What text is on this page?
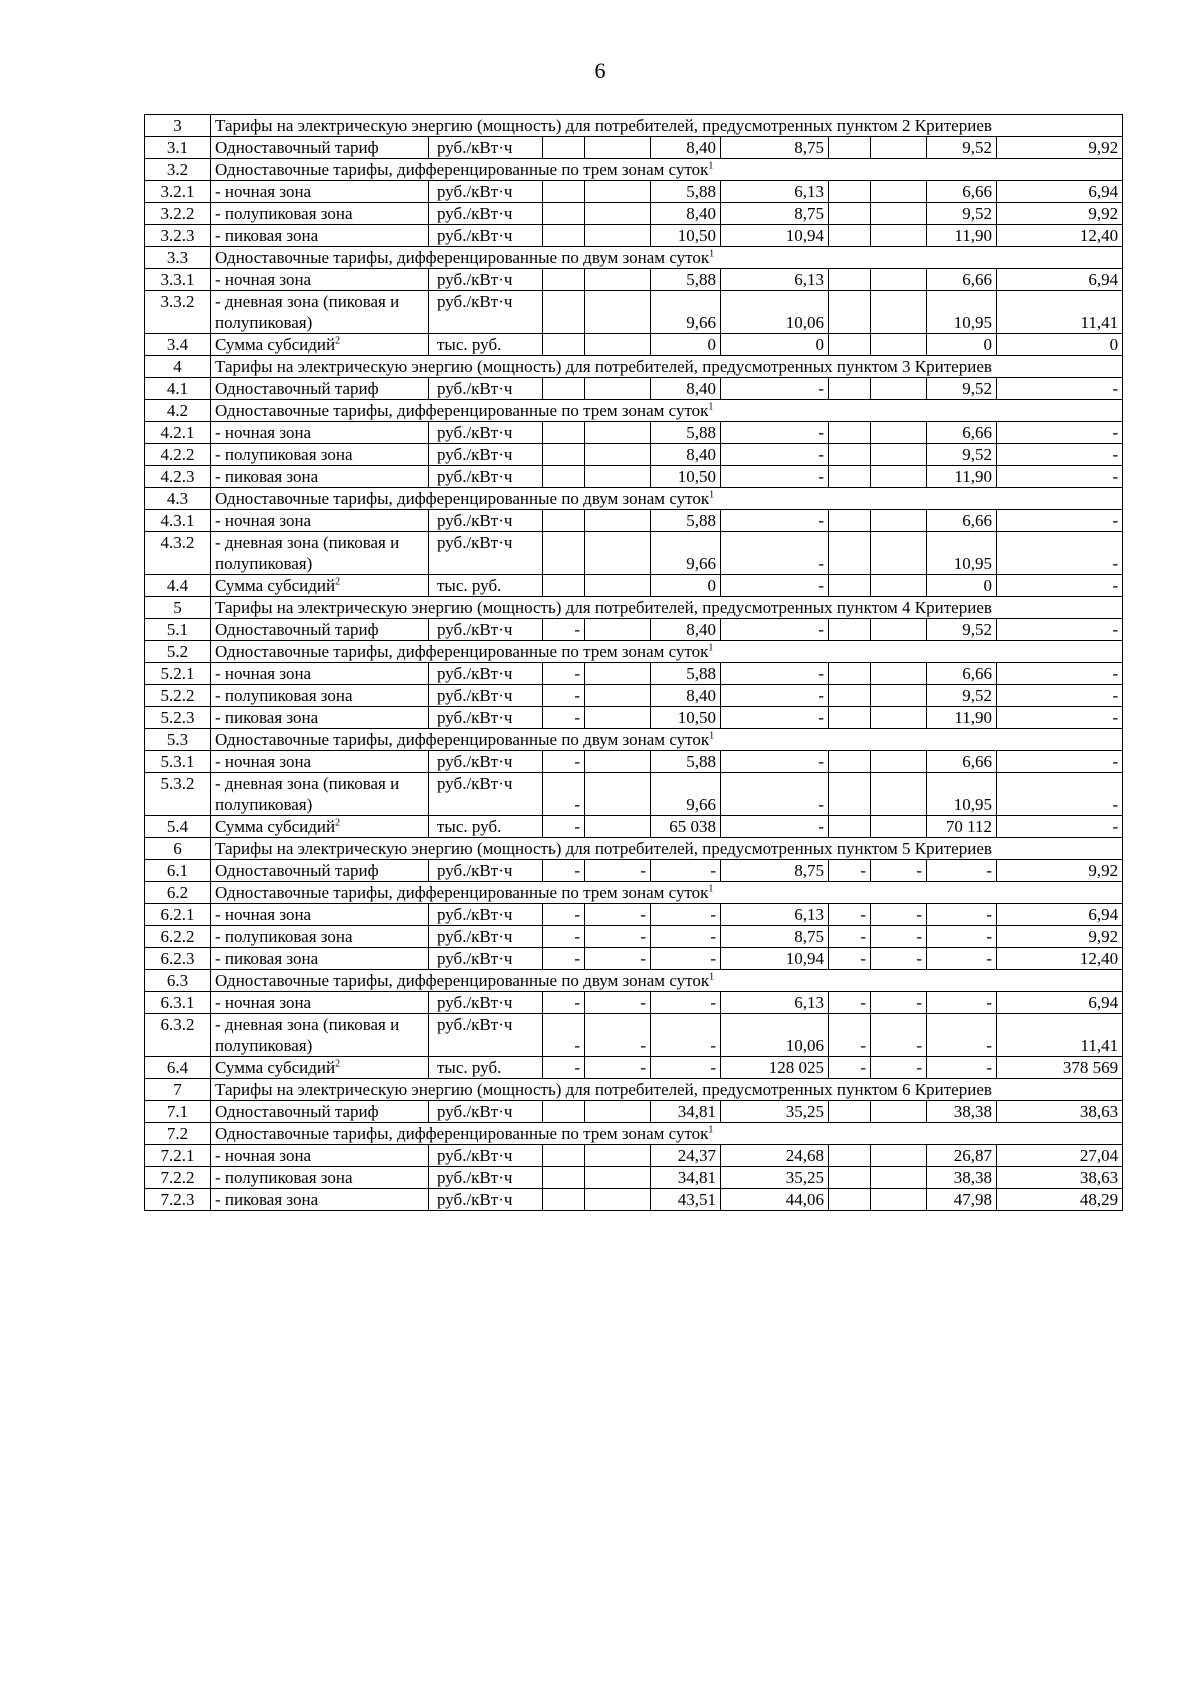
6
3	Тарифы на электрическую энергию (мощность) для потребителей, предусмотренных пунктом 2 Критериев									
3.1	Одноставочный тариф	руб./кВт·ч			8,40	8,75			9,52	9,92
3.2	Одноставочные тарифы, дифференцированные по трем зонам суток$^1$
3.2.1	- ночная зона	руб./кВт·ч			5,88	6,13			6,66	6,94
3.2.2	- полупиковая зона	руб./кВт·ч			8,40	8,75			9,52	9,92
3.2.3	- пиковая зона	руб./кВт·ч			10,50	10,94			11,90	12,40
3.3	Одноставочные тарифы, дифференцированные по двум зонам суток$^1$
3.3.1	- ночная зона	руб./кВт·ч			5,88	6,13			6,66	6,94
3.3.2	- дневная зона (пиковая и полупиковая)	руб./кВт·ч			9,66	10,06			10,95	11,41
3.4	Сумма субсидий$^2$	тыс. руб.			0	0			0	0
4	Тарифы на электрическую энергию (мощность) для потребителей, предусмотренных пунктом 3 Критериев									
4.1	Одноставочный тариф	руб./кВт·ч			8,40	-			9,52	-
4.2	Одноставочные тарифы, дифференцированные по трем зонам суток$^1$
4.2.1	- ночная зона	руб./кВт·ч			5,88	-			6,66	-
4.2.2	- полупиковая зона	руб./кВт·ч			8,40	-			9,52	-
4.2.3	- пиковая зона	руб./кВт·ч			10,50	-			11,90	-
4.3	Одноставочные тарифы, дифференцированные по двум зонам суток$^1$
4.3.1	- ночная зона	руб./кВт·ч			5,88	-			6,66	-
4.3.2	- дневная зона (пиковая и полупиковая)	руб./кВт·ч			9,66	-			10,95	-
4.4	Сумма субсидий$^2$	тыс. руб.			0	-			0	-
5	Тарифы на электрическую энергию (мощность) для потребителей, предусмотренных пунктом 4 Критериев									
5.1	Одноставочный тариф	руб./кВт·ч	-		8,40	-			9,52	-
5.2	Одноставочные тарифы, дифференцированные по трем зонам суток$^1$
5.2.1	- ночная зона	руб./кВт·ч	-		5,88	-			6,66	-
5.2.2	- полупиковая зона	руб./кВт·ч	-		8,40	-			9,52	-
5.2.3	- пиковая зона	руб./кВт·ч	-		10,50	-			11,90	-
5.3	Одноставочные тарифы, дифференцированные по двум зонам суток$^1$
5.3.1	- ночная зона	руб./кВт·ч	-		5,88	-			6,66	-
5.3.2	- дневная зона (пиковая и полупиковая)	руб./кВт·ч	-		9,66	-			10,95	-
5.4	Сумма субсидий$^2$	тыс. руб.	-		65 038	-			70 112	-
6	Тарифы на электрическую энергию (мощность) для потребителей, предусмотренных пунктом 5 Критериев									
6.1	Одноставочный тариф	руб./кВт·ч	-	-	-	8,75	-	-	-	9,92
6.2	Одноставочные тарифы, дифференцированные по трем зонам суток$^1$
6.2.1	- ночная зона	руб./кВт·ч	-	-	-	6,13	-	-	-	6,94
6.2.2	- полупиковая зона	руб./кВт·ч	-	-	-	8,75	-	-	-	9,92
6.2.3	- пиковая зона	руб./кВт·ч	-	-	-	10,94	-	-	-	12,40
6.3	Одноставочные тарифы, дифференцированные по двум зонам суток$^1$
6.3.1	- ночная зона	руб./кВт·ч	-	-	-	6,13	-	-	-	6,94
6.3.2	- дневная зона (пиковая и полупиковая)	руб./кВт·ч	-	-	-	10,06	-	-	-	11,41
6.4	Сумма субсидий$^2$	тыс. руб.	-	-	-	128 025	-	-	-	378 569
7	Тарифы на электрическую энергию (мощность) для потребителей, предусмотренных пунктом 6 Критериев									
7.1	Одноставочный тариф	руб./кВт·ч			34,81	35,25			38,38	38,63
7.2	Одноставочные тарифы, дифференцированные по трем зонам суток$^1$
7.2.1	- ночная зона	руб./кВт·ч			24,37	24,68			26,87	27,04
7.2.2	- полупиковая зона	руб./кВт·ч			34,81	35,25			38,38	38,63
7.2.3	- пиковая зона	руб./кВт·ч			43,51	44,06			47,98	48,29
